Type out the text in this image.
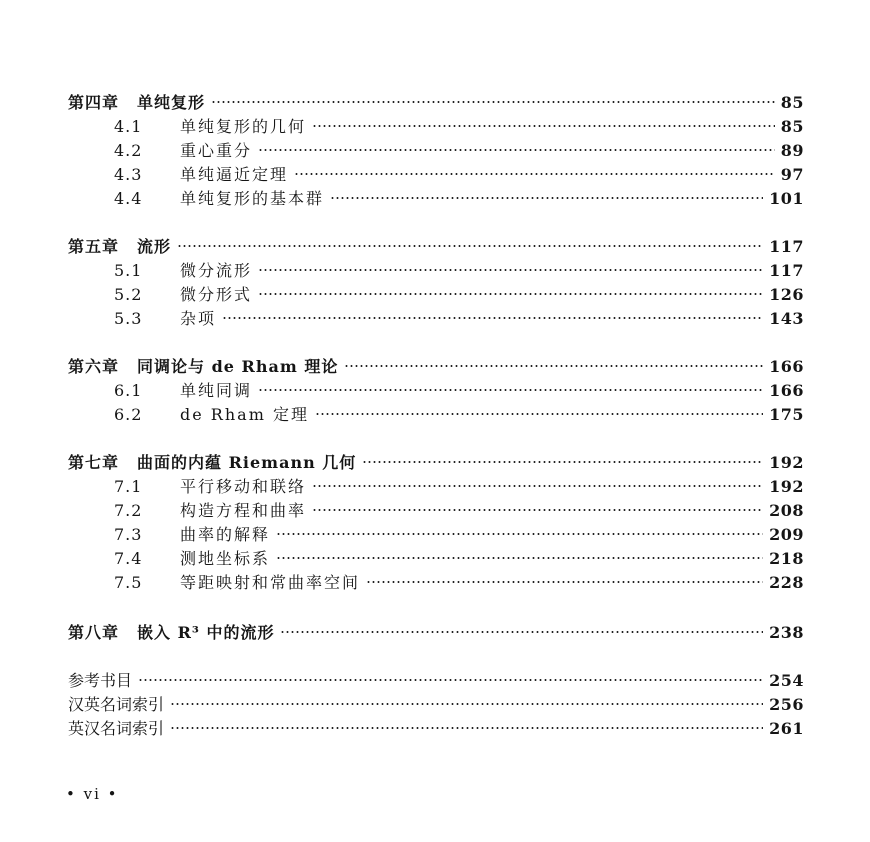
第四章 单纯复形	85
4.1	单纯复形的几何	85
4.2	重心重分	89
4.3	单纯逼近定理	97
4.4	单纯复形的基本群	101
第五章 流形	117
5.1	微分流形	117
5.2	微分形式	126
5.3	杂项	143
第六章 同调论与 de Rham 理论	166
6.1	单纯同调	166
6.2	de Rham 定理	175
第七章 曲面的内蕴 Riemann 几何	192
7.1	平行移动和联络	192
7.2	构造方程和曲率	208
7.3	曲率的解释	209
7.4	测地坐标系	218
7.5	等距映射和常曲率空间	228
第八章 嵌入 R³ 中的流形	238
参考书目	254
汉英名词索引	256
英汉名词索引	261
• vi •
